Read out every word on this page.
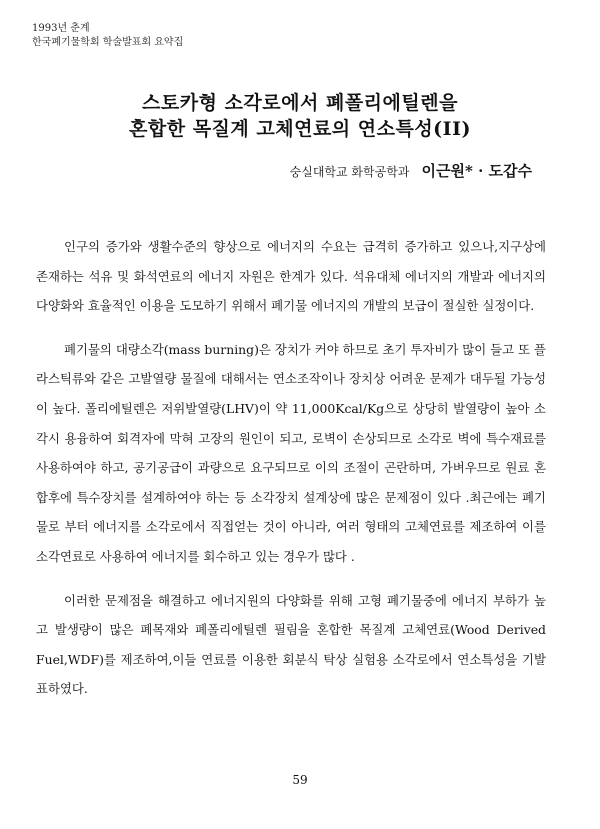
1993년 춘계
한국폐기물학회 학술발표회 요약집
스토카형 소각로에서 폐폴리에틸렌을
혼합한 목질계 고체연료의 연소특성(II)
숭실대학교 화학공학과 이근원* · 도갑수

인구의 증가와 생활수준의 향상으로 에너지의 수요는 급격히 증가하고 있으나,지구상에 존재하는 석유 및 화석연료의 에너지 자원은 한계가 있다. 석유대체 에너지의 개발과 에너지의 다양화와 효율적인 이용을 도모하기 위해서 폐기물 에너지의 개발의 보급이 절실한 실정이다.

폐기물의 대량소각(mass burning)은 장치가 커야 하므로 초기 투자비가 많이 들고 또 플라스틱류와 같은 고발열량 물질에 대해서는 연소조작이나 장치상 어려운 문제가 대두될 가능성이 높다. 폴리에틸렌은 저위발열량(LHV)이 약 11,000Kcal/Kg으로 상당히 발열량이 높아 소각시 용융하여 회격자에 막혀 고장의 원인이 되고, 로벽이 손상되므로 소각로 벽에 특수재료를 사용하여야 하고, 공기공급이 과량으로 요구되므로 이의 조절이 곤란하며, 가벼우므로 원료 혼합후에 특수장치를 설계하여야 하는 등 소각장치 설계상에 많은 문제점이 있다 .최근에는 폐기물로 부터 에너지를 소각로에서 직접얻는 것이 아니라, 여러 형태의 고체연료를 제조하여 이를 소각연료로 사용하여 에너지를 회수하고 있는 경우가 많다 .

이러한 문제점을 해결하고 에너지원의 다양화를 위해 고형 폐기물중에 에너지 부하가 높고 발생량이 많은 폐목재와 폐폴리에틸렌 필림을 혼합한 목질계 고체연료(Wood Derived Fuel,WDF)를 제조하여,이들 연료를 이용한 회분식 탁상 실험용 소각로에서 연소특성을 기발표하였다.

59
